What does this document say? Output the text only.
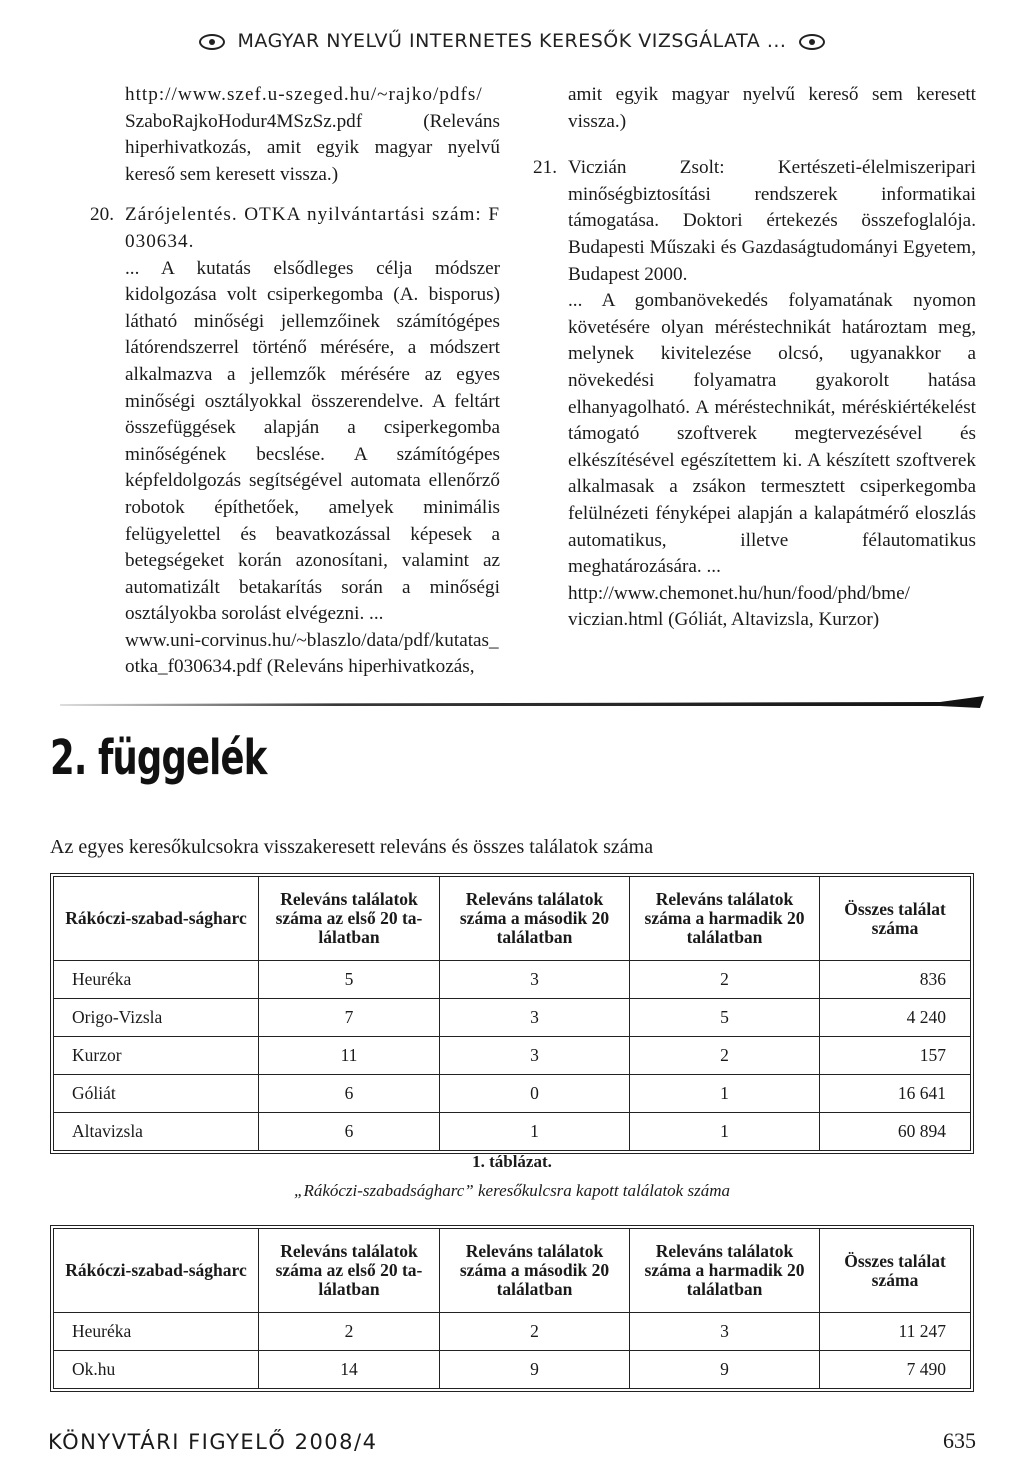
MAGYAR NYELVŰ INTERNETES KERESŐK VIZSGÁLATA ...

http://www.szef.u-szeged.hu/~rajko/pdfs/

SzaboRajkoHodur4MSzSz.pdf (Releváns hiperhivatkozás, amit egyik magyar nyelvű kereső sem keresett vissza.)

20. Zárójelentés. OTKA nyilvántartási szám: F 030634.

... A kutatás elsődleges célja módszer kidolgozása volt csiperkegomba (A. bisporus) látható minőségi jellemzőinek számítógépes látórendszerrel történő mérésére, a módszert alkalmazva a jellemzők mérésére az egyes minőségi osztályokkal összerendelve. A feltárt összefüggések alapján a csiperkegomba minőségének becslése. A számítógépes képfeldolgozás segítségével automata ellenőrző robotok építhetőek, amelyek minimális felügyelettel és beavatkozással képesek a betegségeket korán azonosítani, valamint az automatizált betakarítás során a minőségi osztályokba sorolást elvégezni. ...

www.uni-corvinus.hu/~blaszlo/data/pdf/kutatas_

otka_f030634.pdf (Releváns hiperhivatkozás,

amit egyik magyar nyelvű kereső sem keresett vissza.)

21. Viczián Zsolt: Kertészeti-élelmiszeripari minőségbiztosítási rendszerek informatikai támogatása. Doktori értekezés összefoglalója. Budapesti Műszaki és Gazdaságtudományi Egyetem, Budapest 2000.

... A gombanövekedés folyamatának nyomon követésére olyan méréstechnikát határoztam meg, melynek kivitelezése olcsó, ugyanakkor a növekedési folyamatra gyakorolt hatása elhanyagolható. A méréstechnikát, méréskiértékelést támogató szoftverek megtervezésével és elkészítésével egészítettem ki. A készített szoftverek alkalmasak a zsákon termesztett csiperkegomba felülnézeti fényképei alapján a kalapátmérő eloszlás automatikus, illetve félautomatikus meghatározására. ...

http://www.chemonet.hu/hun/food/phd/bme/

viczian.html (Góliát, Altavizsla, Kurzor)

2. függelék
Az egyes keresőkulcsokra visszakeresett releváns és összes találatok száma
Rákóczi-szabad-ságharc	Releváns találatok száma az első 20 ta-lálatban	Releváns találatok száma a második 20 találatban	Releváns találatok száma a harmadik 20 találatban	Összes találat száma
Heuréka	5	3	2	836
Origo-Vizsla	7	3	5	4 240
Kurzor	11	3	2	157
Góliát	6	0	1	16 641
Altavizsla	6	1	1	60 894
1. táblázat.
„Rákóczi-szabadságharc” keresőkulcsra kapott találatok száma
Rákóczi-szabad-ságharc	Releváns találatok száma az első 20 ta-lálatban	Releváns találatok száma a második 20 találatban	Releváns találatok száma a harmadik 20 találatban	Összes találat száma
Heuréka	2	2	3	11 247
Ok.hu	14	9	9	7 490
KÖNYVTÁRI FIGYELŐ 2008/4	635
